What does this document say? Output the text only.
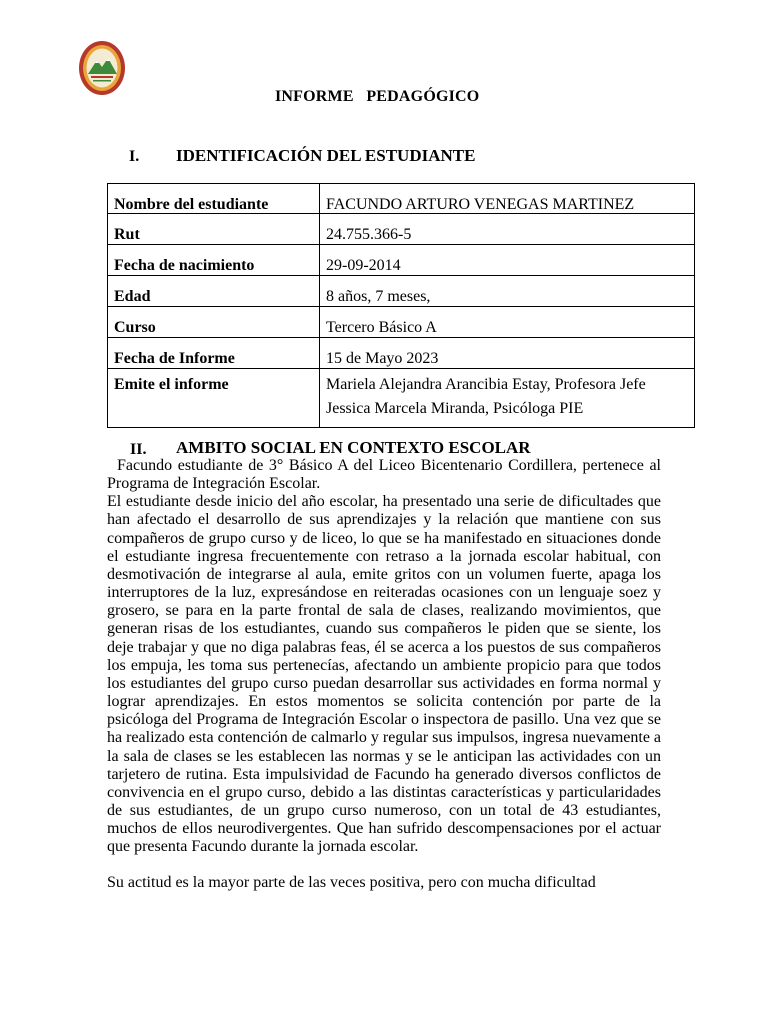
INFORME   PEDAGÓGICO
I. IDENTIFICACIÓN DEL ESTUDIANTE
Nombre del estudiante	FACUNDO ARTURO VENEGAS MARTINEZ
Rut	24.755.366-5
Fecha de nacimiento	29-09-2014
Edad	8 años, 7 meses,
Curso	Tercero Básico A
Fecha de Informe	15 de Mayo 2023
Emite el informe	Mariela Alejandra Arancibia Estay, Profesora Jefe
Jessica Marcela Miranda, Psicóloga PIE
II. AMBITO SOCIAL EN CONTEXTO ESCOLAR

Facundo estudiante de 3° Básico A del Liceo Bicentenario Cordillera, pertenece al Programa de Integración Escolar.

El estudiante desde inicio del año escolar, ha presentado una serie de dificultades que han afectado el desarrollo de sus aprendizajes y la relación que mantiene con sus compañeros de grupo curso y de liceo, lo que se ha manifestado en situaciones donde el estudiante ingresa frecuentemente con retraso a la jornada escolar habitual, con desmotivación de integrarse al aula, emite gritos con un volumen fuerte, apaga los interruptores de la luz, expresándose en reiteradas ocasiones con un lenguaje soez y grosero, se para en la parte frontal de sala de clases, realizando movimientos, que generan risas de los estudiantes, cuando sus compañeros le piden que se siente, los deje trabajar y que no diga palabras feas, él se acerca a los puestos de sus compañeros los empuja, les toma sus pertenecías, afectando un ambiente propicio para que todos los estudiantes del grupo curso puedan desarrollar sus actividades en forma normal y lograr aprendizajes. En estos momentos se solicita contención por parte de la psicóloga del Programa de Integración Escolar o inspectora de pasillo. Una vez que se ha realizado esta contención de calmarlo y regular sus impulsos, ingresa nuevamente a la sala de clases se les establecen las normas y se le anticipan las actividades con un tarjetero de rutina. Esta impulsividad de Facundo ha generado diversos conflictos de convivencia en el grupo curso, debido a las distintas características y particularidades de sus estudiantes, de un grupo curso numeroso, con un total de 43 estudiantes, muchos de ellos neurodivergentes. Que han sufrido descompensaciones por el actuar que presenta Facundo durante la jornada escolar.

Su actitud es la mayor parte de las veces positiva, pero con mucha dificultad
